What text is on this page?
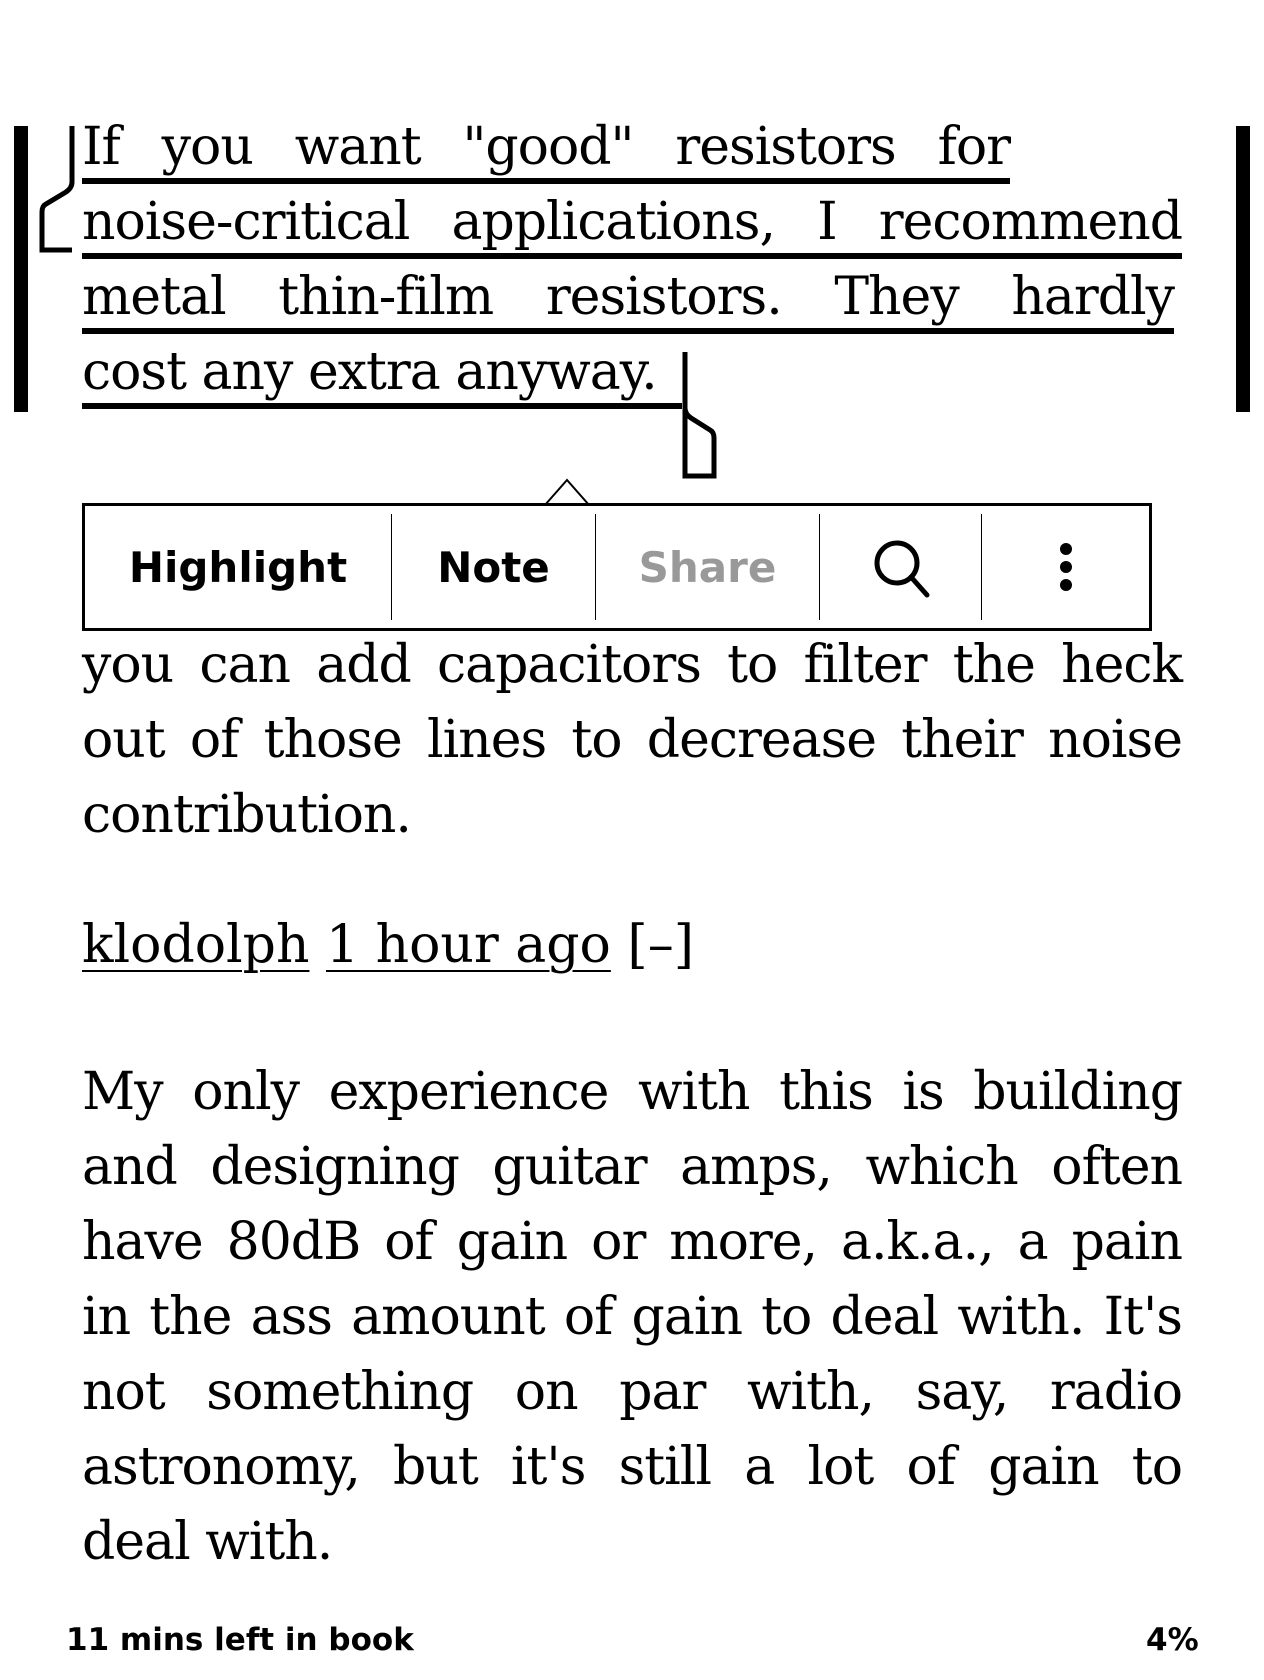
If you want "good" resistors for
noise-critical applications, I recommend
metal thin-film resistors. They hardly
cost any extra anyway.
you can add capacitors to filter the heck
out of those lines to decrease their noise
contribution.
Highlight Note Share
klodolph 1 hour ago [–]
My only experience with this is building
and designing guitar amps, which often
have 80dB of gain or more, a.k.a., a pain
in the ass amount of gain to deal with. It's
not something on par with, say, radio
astronomy, but it's still a lot of gain to
deal with.
11 mins left in book	4%
